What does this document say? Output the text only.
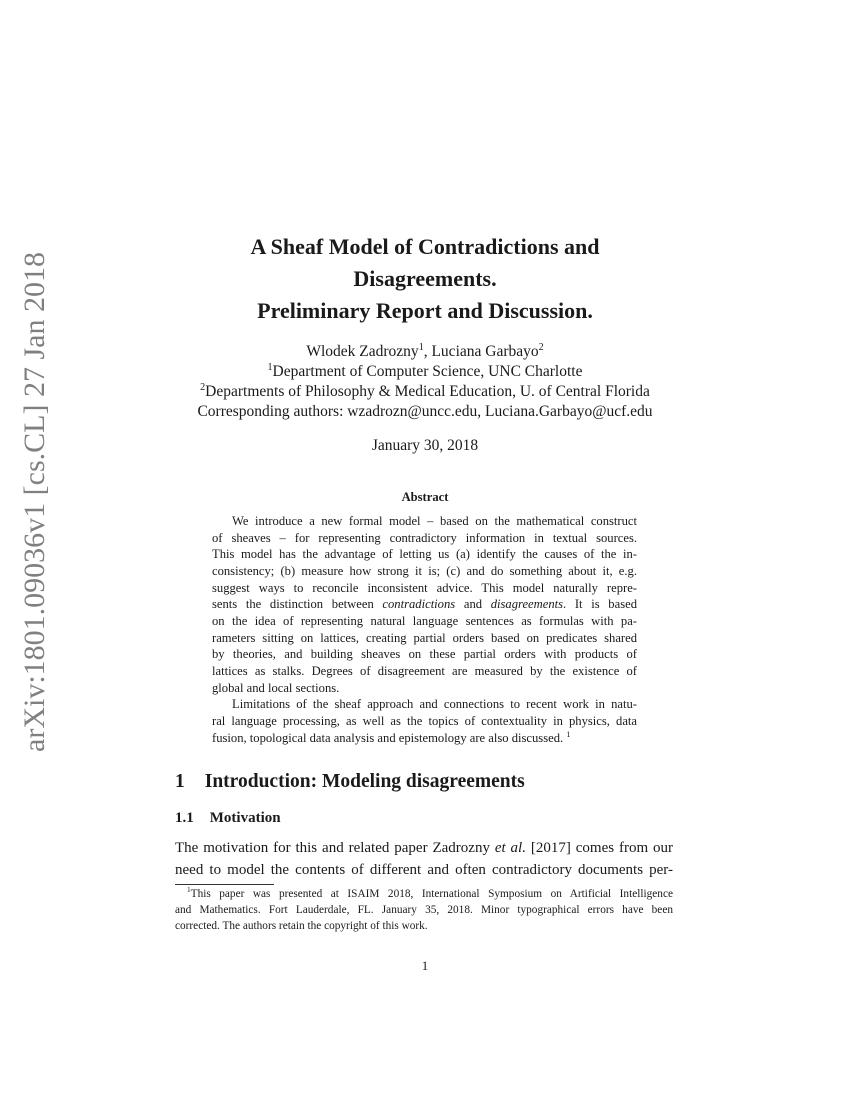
arXiv:1801.09036v1 [cs.CL] 27 Jan 2018
A Sheaf Model of Contradictions and
Disagreements.
Preliminary Report and Discussion.
Wlodek Zadrozny$^1$, Luciana Garbayo$^2$
$^1$Department of Computer Science, UNC Charlotte
$^2$Departments of Philosophy & Medical Education, U. of Central Florida
Corresponding authors: wzadrozn@uncc.edu, Luciana.Garbayo@ucf.edu
January 30, 2018
Abstract
We introduce a new formal model – based on the mathematical construct
of sheaves – for representing contradictory information in textual sources.
This model has the advantage of letting us (a) identify the causes of the in-
consistency; (b) measure how strong it is; (c) and do something about it, e.g.
suggest ways to reconcile inconsistent advice. This model naturally repre-
sents the distinction between contradictions and disagreements. It is based
on the idea of representing natural language sentences as formulas with pa-
rameters sitting on lattices, creating partial orders based on predicates shared
by theories, and building sheaves on these partial orders with products of
lattices as stalks. Degrees of disagreement are measured by the existence of
global and local sections.
Limitations of the sheaf approach and connections to recent work in natu-
ral language processing, as well as the topics of contextuality in physics, data
fusion, topological data analysis and epistemology are also discussed. $^1$
1 Introduction: Modeling disagreements
1.1 Motivation
The motivation for this and related paper Zadrozny et al. [2017] comes from our
need to model the contents of different and often contradictory documents per-
$^1$This paper was presented at ISAIM 2018, International Symposium on Artificial Intelligence
and Mathematics. Fort Lauderdale, FL. January 35, 2018. Minor typographical errors have been
corrected. The authors retain the copyright of this work.
1
